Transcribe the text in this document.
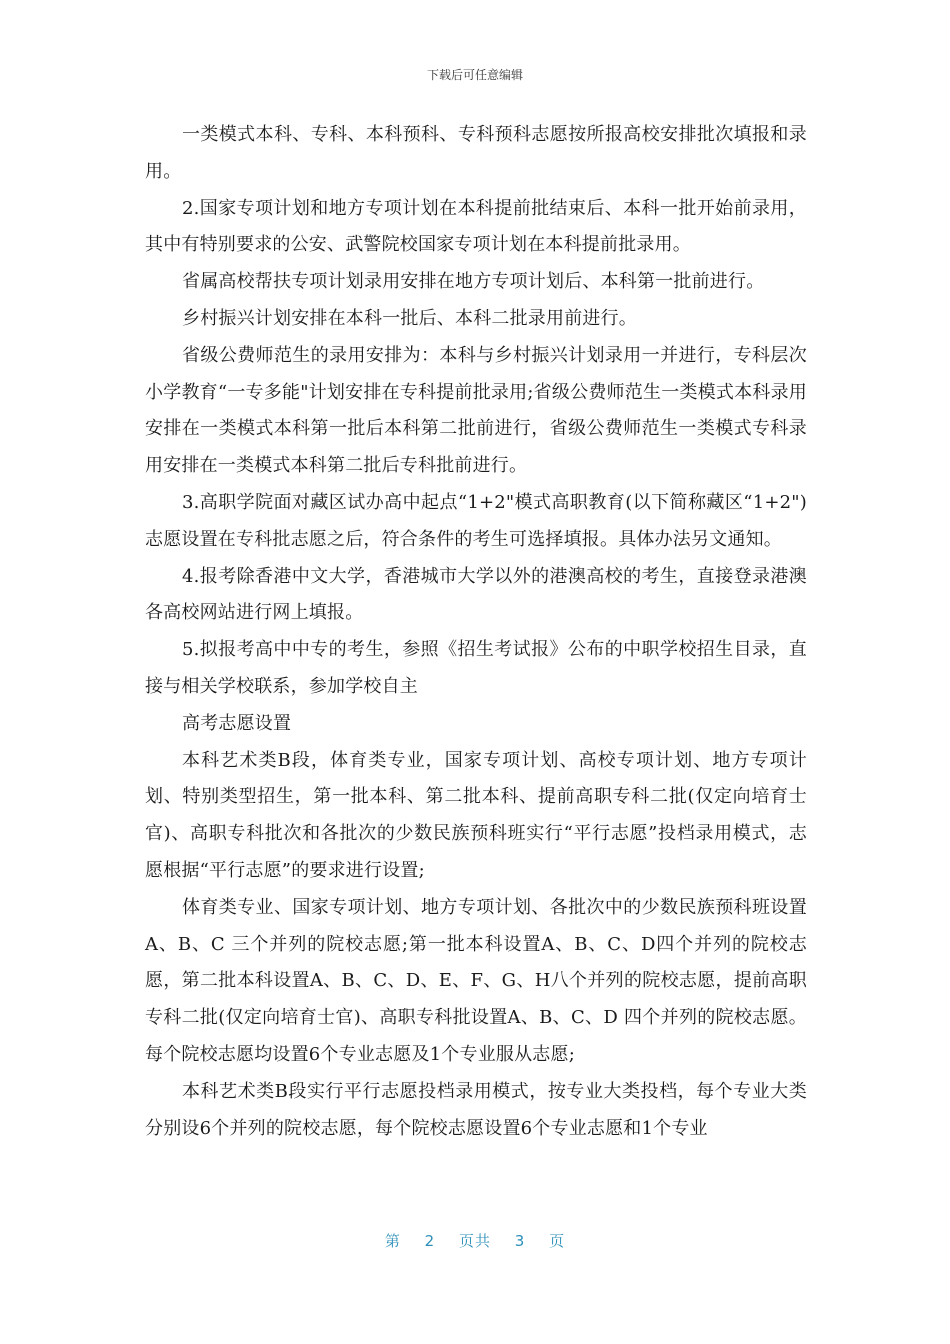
下载后可任意编辑

一类模式本科、专科、本科预科、专科预科志愿按所报高校安排批次填报和录用。

2.国家专项计划和地方专项计划在本科提前批结束后、本科一批开始前录用，其中有特别要求的公安、武警院校国家专项计划在本科提前批录用。

省属高校帮扶专项计划录用安排在地方专项计划后、本科第一批前进行。

乡村振兴计划安排在本科一批后、本科二批录用前进行。

省级公费师范生的录用安排为：本科与乡村振兴计划录用一并进行，专科层次小学教育“一专多能"计划安排在专科提前批录用;省级公费师范生一类模式本科录用安排在一类模式本科第一批后本科第二批前进行，省级公费师范生一类模式专科录用安排在一类模式本科第二批后专科批前进行。

3.高职学院面对藏区试办高中起点“1+2"模式高职教育(以下简称藏区“1+2")志愿设置在专科批志愿之后，符合条件的考生可选择填报。具体办法另文通知。

4.报考除香港中文大学，香港城市大学以外的港澳高校的考生，直接登录港澳各高校网站进行网上填报。

5.拟报考高中中专的考生，参照《招生考试报》公布的中职学校招生目录，直接与相关学校联系，参加学校自主

高考志愿设置

本科艺术类B段，体育类专业，国家专项计划、高校专项计划、地方专项计划、特别类型招生，第一批本科、第二批本科、提前高职专科二批(仅定向培育士官)、高职专科批次和各批次的少数民族预科班实行“平行志愿”投档录用模式，志愿根据“平行志愿”的要求进行设置;

体育类专业、国家专项计划、地方专项计划、各批次中的少数民族预科班设置A、B、C 三个并列的院校志愿;第一批本科设置A、B、C、D四个并列的院校志愿，第二批本科设置A、B、C、D、E、F、G、H八个并列的院校志愿，提前高职专科二批(仅定向培育士官)、高职专科批设置A、B、C、D 四个并列的院校志愿。每个院校志愿均设置6个专业志愿及1个专业服从志愿;

本科艺术类B段实行平行志愿投档录用模式，按专业大类投档，每个专业大类分别设6个并列的院校志愿，每个院校志愿设置6个专业志愿和1个专业

第 2 页共 3 页
